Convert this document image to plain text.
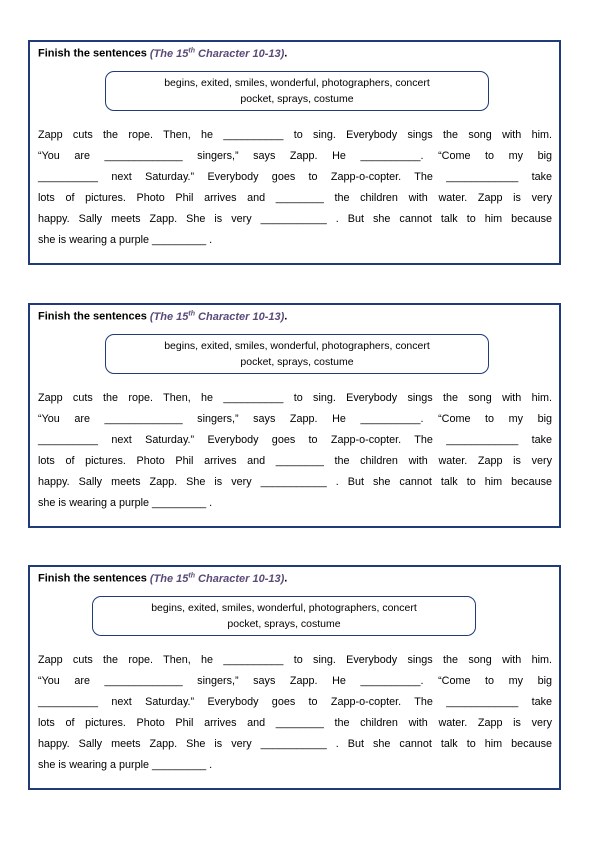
Finish the sentences (The 15th Character 10-13).
begins, exited, smiles, wonderful, photographers, concert
pocket, sprays, costume
Zapp cuts the rope. Then, he __________ to sing. Everybody sings the song with him.
“You are _____________ singers,” says Zapp. He __________. “Come to my big
__________ next Saturday.” Everybody goes to Zapp-o-copter. The ____________ take
lots of pictures. Photo Phil arrives and ________ the children with water. Zapp is very
happy. Sally meets Zapp. She is very ___________ . But she cannot talk to him because
she is wearing a purple _________ .
Finish the sentences (The 15th Character 10-13).
begins, exited, smiles, wonderful, photographers, concert
pocket, sprays, costume
Zapp cuts the rope. Then, he __________ to sing. Everybody sings the song with him.
“You are _____________ singers,” says Zapp. He __________. “Come to my big
__________ next Saturday.” Everybody goes to Zapp-o-copter. The ____________ take
lots of pictures. Photo Phil arrives and ________ the children with water. Zapp is very
happy. Sally meets Zapp. She is very ___________ . But she cannot talk to him because
she is wearing a purple _________ .
Finish the sentences (The 15th Character 10-13).
begins, exited, smiles, wonderful, photographers, concert
pocket, sprays, costume
Zapp cuts the rope. Then, he __________ to sing. Everybody sings the song with him.
“You are _____________ singers,” says Zapp. He __________. “Come to my big
__________ next Saturday.” Everybody goes to Zapp-o-copter. The ____________ take
lots of pictures. Photo Phil arrives and ________ the children with water. Zapp is very
happy. Sally meets Zapp. She is very ___________ . But she cannot talk to him because
she is wearing a purple _________ .
